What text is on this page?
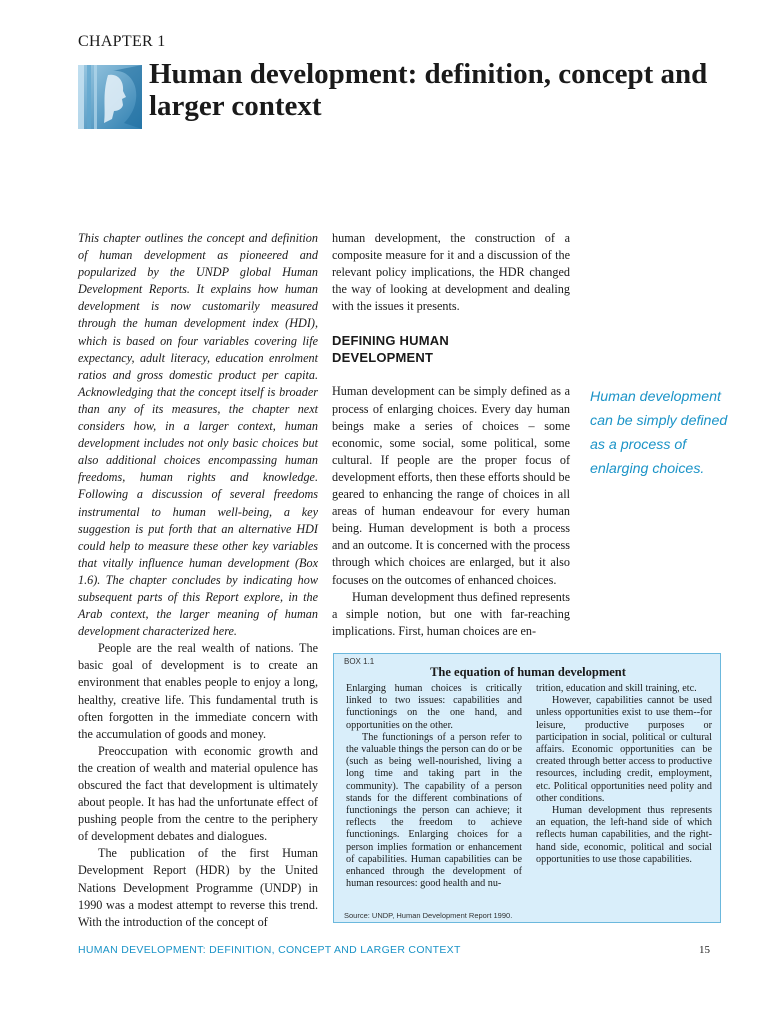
CHAPTER 1
Human development: definition, concept and larger context

This chapter outlines the concept and definition of human development as pioneered and popularized by the UNDP global Human Development Reports. It explains how human development is now customarily measured through the human development index (HDI), which is based on four variables covering life expectancy, adult literacy, education enrolment ratios and gross domestic product per capita. Acknowledging that the concept itself is broader than any of its measures, the chapter next considers how, in a larger context, human development includes not only basic choices but also additional choices encompassing human freedoms, human rights and knowledge. Following a discussion of several freedoms instrumental to human well-being, a key suggestion is put forth that an alternative HDI could help to measure these other key variables that vitally influence human development (Box 1.6). The chapter concludes by indicating how subsequent parts of this Report explore, in the Arab context, the larger meaning of human development characterized here.

People are the real wealth of nations. The basic goal of development is to create an environment that enables people to enjoy a long, healthy, creative life. This fundamental truth is often forgotten in the immediate concern with the accumulation of goods and money.

Preoccupation with economic growth and the creation of wealth and material opulence has obscured the fact that development is ultimately about people. It has had the unfortunate effect of pushing people from the centre to the periphery of development debates and dialogues.

The publication of the first Human Development Report (HDR) by the United Nations Development Programme (UNDP) in 1990 was a modest attempt to reverse this trend. With the introduction of the concept of

human development, the construction of a composite measure for it and a discussion of the relevant policy implications, the HDR changed the way of looking at development and dealing with the issues it presents.

DEFINING HUMAN
DEVELOPMENT

Human development can be simply defined as a process of enlarging choices. Every day human beings make a series of choices – some economic, some social, some political, some cultural. If people are the proper focus of development efforts, then these efforts should be geared to enhancing the range of choices in all areas of human endeavour for every human being. Human development is both a process and an outcome. It is concerned with the process through which choices are enlarged, but it also focuses on the outcomes of enhanced choices.

Human development thus defined represents a simple notion, but one with far-reaching implications. First, human choices are en-

Human development can be simply defined as a process of enlarging choices.
BOX 1.1
The equation of human development

Enlarging human choices is critically linked to two issues: capabilities and functionings on the one hand, and opportunities on the other.

The functionings of a person refer to the valuable things the person can do or be (such as being well-nourished, living a long time and taking part in the community). The capability of a person stands for the different combinations of functionings the person can achieve; it reflects the freedom to achieve functionings. Enlarging choices for a person implies formation or enhancement of capabilities. Human capabilities can be enhanced through the development of human resources: good health and nu-

trition, education and skill training, etc.

However, capabilities cannot be used unless opportunities exist to use them--for leisure, productive purposes or participation in social, political or cultural affairs. Economic opportunities can be created through better access to productive resources, including credit, employment, etc. Political opportunities need polity and other conditions.

Human development thus represents an equation, the left-hand side of which reflects human capabilities, and the right-hand side, economic, political and social opportunities to use those capabilities.

Source: UNDP, Human Development Report 1990.
HUMAN DEVELOPMENT: DEFINITION, CONCEPT AND LARGER CONTEXT	15
